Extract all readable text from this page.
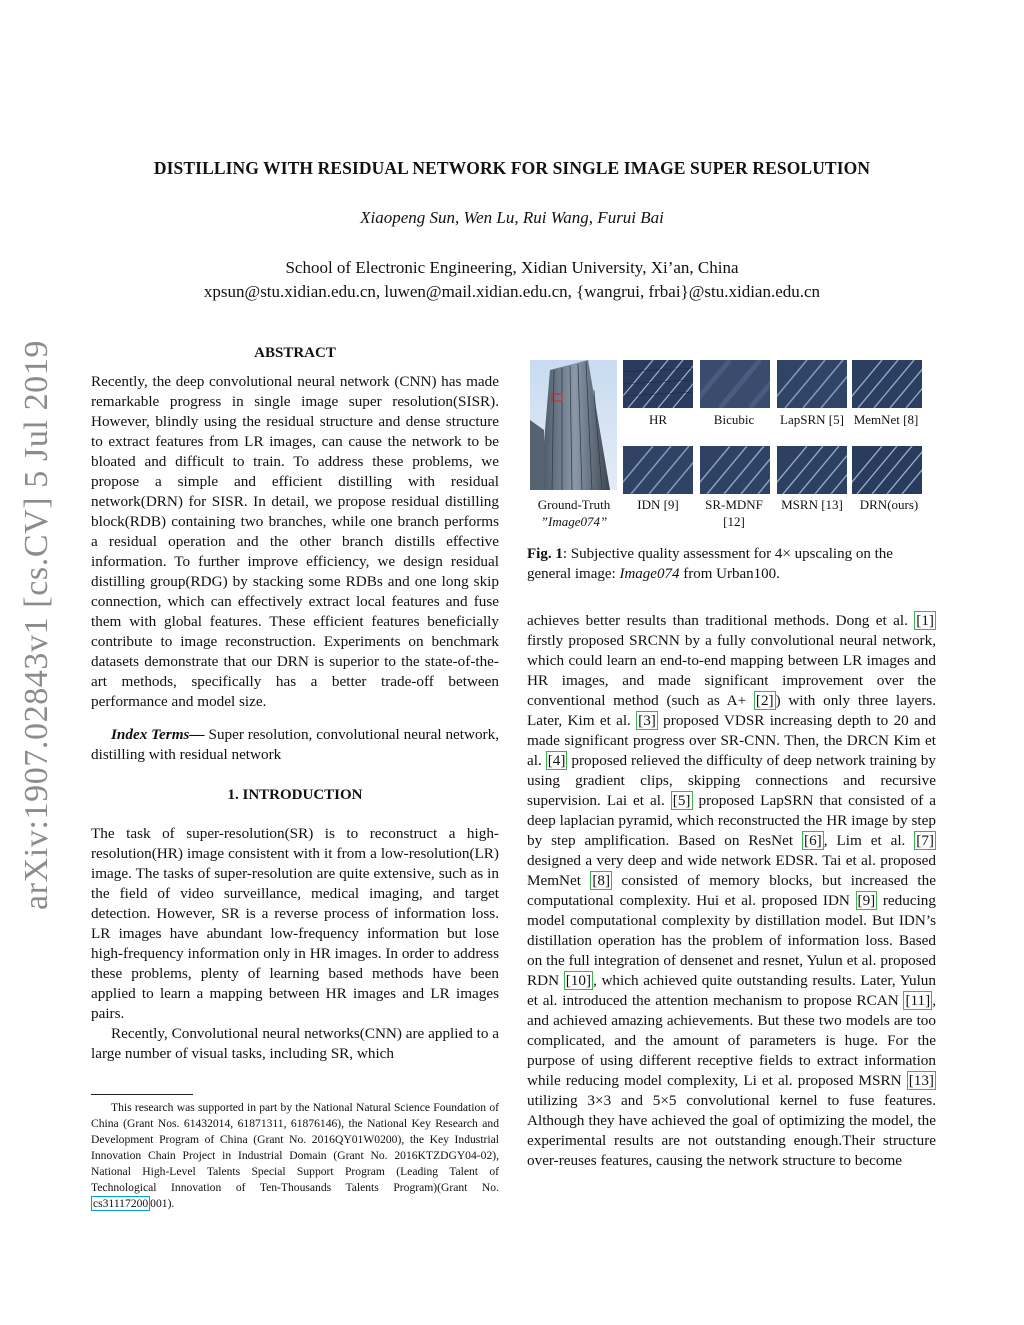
DISTILLING WITH RESIDUAL NETWORK FOR SINGLE IMAGE SUPER RESOLUTION
Xiaopeng Sun, Wen Lu, Rui Wang, Furui Bai
School of Electronic Engineering, Xidian University, Xi’an, China
xpsun@stu.xidian.edu.cn, luwen@mail.xidian.edu.cn, {wangrui, frbai}@stu.xidian.edu.cn
arXiv:1907.02843v1 [cs.CV] 5 Jul 2019	ABSTRACT

Recently, the deep convolutional neural network (CNN) has made remarkable progress in single image super resolution(SISR). However, blindly using the residual structure and dense structure to extract features from LR images, can cause the network to be bloated and difficult to train. To address these problems, we propose a simple and efficient distilling with residual network(DRN) for SISR. In detail, we propose residual distilling block(RDB) containing two branches, while one branch performs a residual operation and the other branch distills effective information. To further improve efficiency, we design residual distilling group(RDG) by stacking some RDBs and one long skip connection, which can effectively extract local features and fuse them with global features. These efficient features beneficially contribute to image reconstruction. Experiments on benchmark datasets demonstrate that our DRN is superior to the state-of-the-art methods, specifically has a better trade-off between performance and model size.

Index Terms— Super resolution, convolutional neural network, distilling with residual network

1. INTRODUCTION

The task of super-resolution(SR) is to reconstruct a high-resolution(HR) image consistent with it from a low-resolution(LR) image. The tasks of super-resolution are quite extensive, such as in the field of video surveillance, medical imaging, and target detection. However, SR is a reverse process of information loss. LR images have abundant low-frequency information but lose high-frequency information only in HR images. In order to address these problems, plenty of learning based methods have been applied to learn a mapping between HR images and LR images pairs.

Recently, Convolutional neural networks(CNN) are applied to a large number of visual tasks, including SR, which

This research was supported in part by the National Natural Science Foundation of China (Grant Nos. 61432014, 61871311, 61876146), the National Key Research and Development Program of China (Grant No. 2016QY01W0200), the Key Industrial Innovation Chain Project in Industrial Domain (Grant No. 2016KTZDGY04-02), National High-Level Talents Special Support Program (Leading Talent of Technological Innovation of Ten-Thousands Talents Program)(Grant No. cs31117200 001).
HR	Bicubic	LapSRN [5] MemNet [8]
Ground-Truth
”Image074”
IDN [9]	SR-MDNF [12]
MSRN [13]	DRN(ours)
Fig. 1: Subjective quality assessment for 4× upscaling on the general image: Image074 from Urban100.

achieves better results than traditional methods. Dong et al. [1] firstly proposed SRCNN by a fully convolutional neural network, which could learn an end-to-end mapping between LR images and HR images, and made significant improvement over the conventional method (such as A+ [2] ) with only three layers. Later, Kim et al. [3] proposed VDSR increasing depth to 20 and made significant progress over SR-CNN. Then, the DRCN Kim et al. [4] proposed relieved the difficulty of deep network training by using gradient clips, skipping connections and recursive supervision. Lai et al. [5] proposed LapSRN that consisted of a deep laplacian pyramid, which reconstructed the HR image by step by step amplification. Based on ResNet [6] , Lim et al. [7] designed a very deep and wide network EDSR. Tai et al. proposed MemNet [8] consisted of memory blocks, but increased the computational complexity. Hui et al. proposed IDN [9] reducing model computational complexity by distillation model. But IDN’s distillation operation has the problem of information loss. Based on the full integration of densenet and resnet, Yulun et al. proposed RDN [10] , which achieved quite outstanding results. Later, Yulun et al. introduced the attention mechanism to propose RCAN [11] , and achieved amazing achievements. But these two models are too complicated, and the amount of parameters is huge. For the purpose of using different receptive fields to extract information while reducing model complexity, Li et al. proposed MSRN [13] utilizing 3×3 and 5×5 convolutional kernel to fuse features. Although they have achieved the goal of optimizing the model, the experimental results are not outstanding enough.Their structure over-reuses features, causing the network structure to become
